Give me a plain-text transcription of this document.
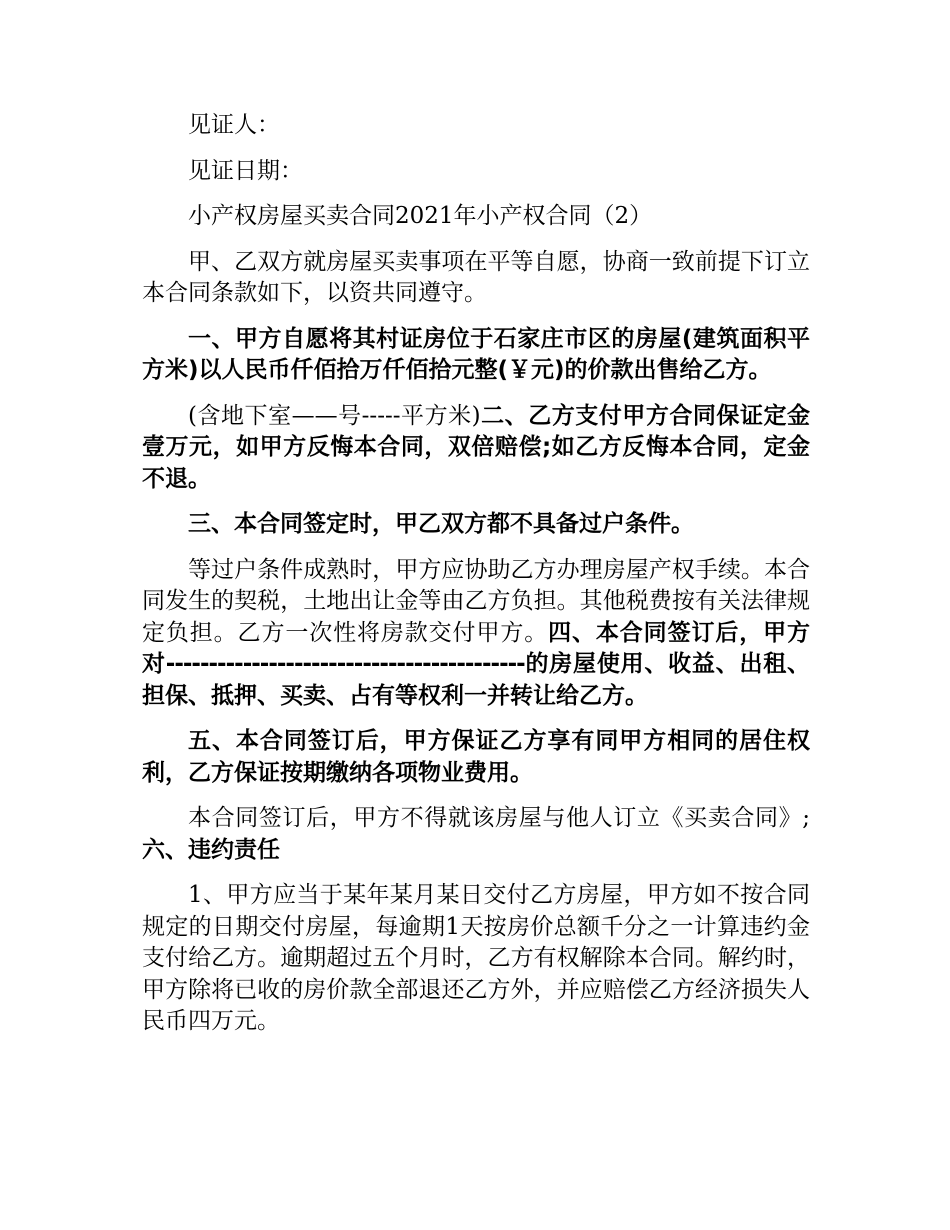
见证人：

见证日期：

小产权房屋买卖合同2021年小产权合同（2）

甲、乙双方就房屋买卖事项在平等自愿，协商一致前提下订立本合同条款如下，以资共同遵守。

一、甲方自愿将其村证房位于石家庄市区的房屋(建筑面积平方米)以人民币仟佰拾万仟佰拾元整(￥元)的价款出售给乙方。

(含地下室——号-----平方米)二、乙方支付甲方合同保证定金壹万元，如甲方反悔本合同，双倍赔偿;如乙方反悔本合同，定金不退。

三、本合同签定时，甲乙双方都不具备过户条件。

等过户条件成熟时，甲方应协助乙方办理房屋产权手续。本合同发生的契税，土地出让金等由乙方负担。其他税费按有关法律规定负担。乙方一次性将房款交付甲方。四、本合同签订后，甲方对------------------------------------------的房屋使用、收益、出租、担保、抵押、买卖、占有等权利一并转让给乙方。

五、本合同签订后，甲方保证乙方享有同甲方相同的居住权利，乙方保证按期缴纳各项物业费用。

本合同签订后，甲方不得就该房屋与他人订立《买卖合同》;六、违约责任

1、甲方应当于某年某月某日交付乙方房屋，甲方如不按合同规定的日期交付房屋，每逾期1天按房价总额千分之一计算违约金支付给乙方。逾期超过五个月时，乙方有权解除本合同。解约时，甲方除将已收的房价款全部退还乙方外，并应赔偿乙方经济损失人民币四万元。
